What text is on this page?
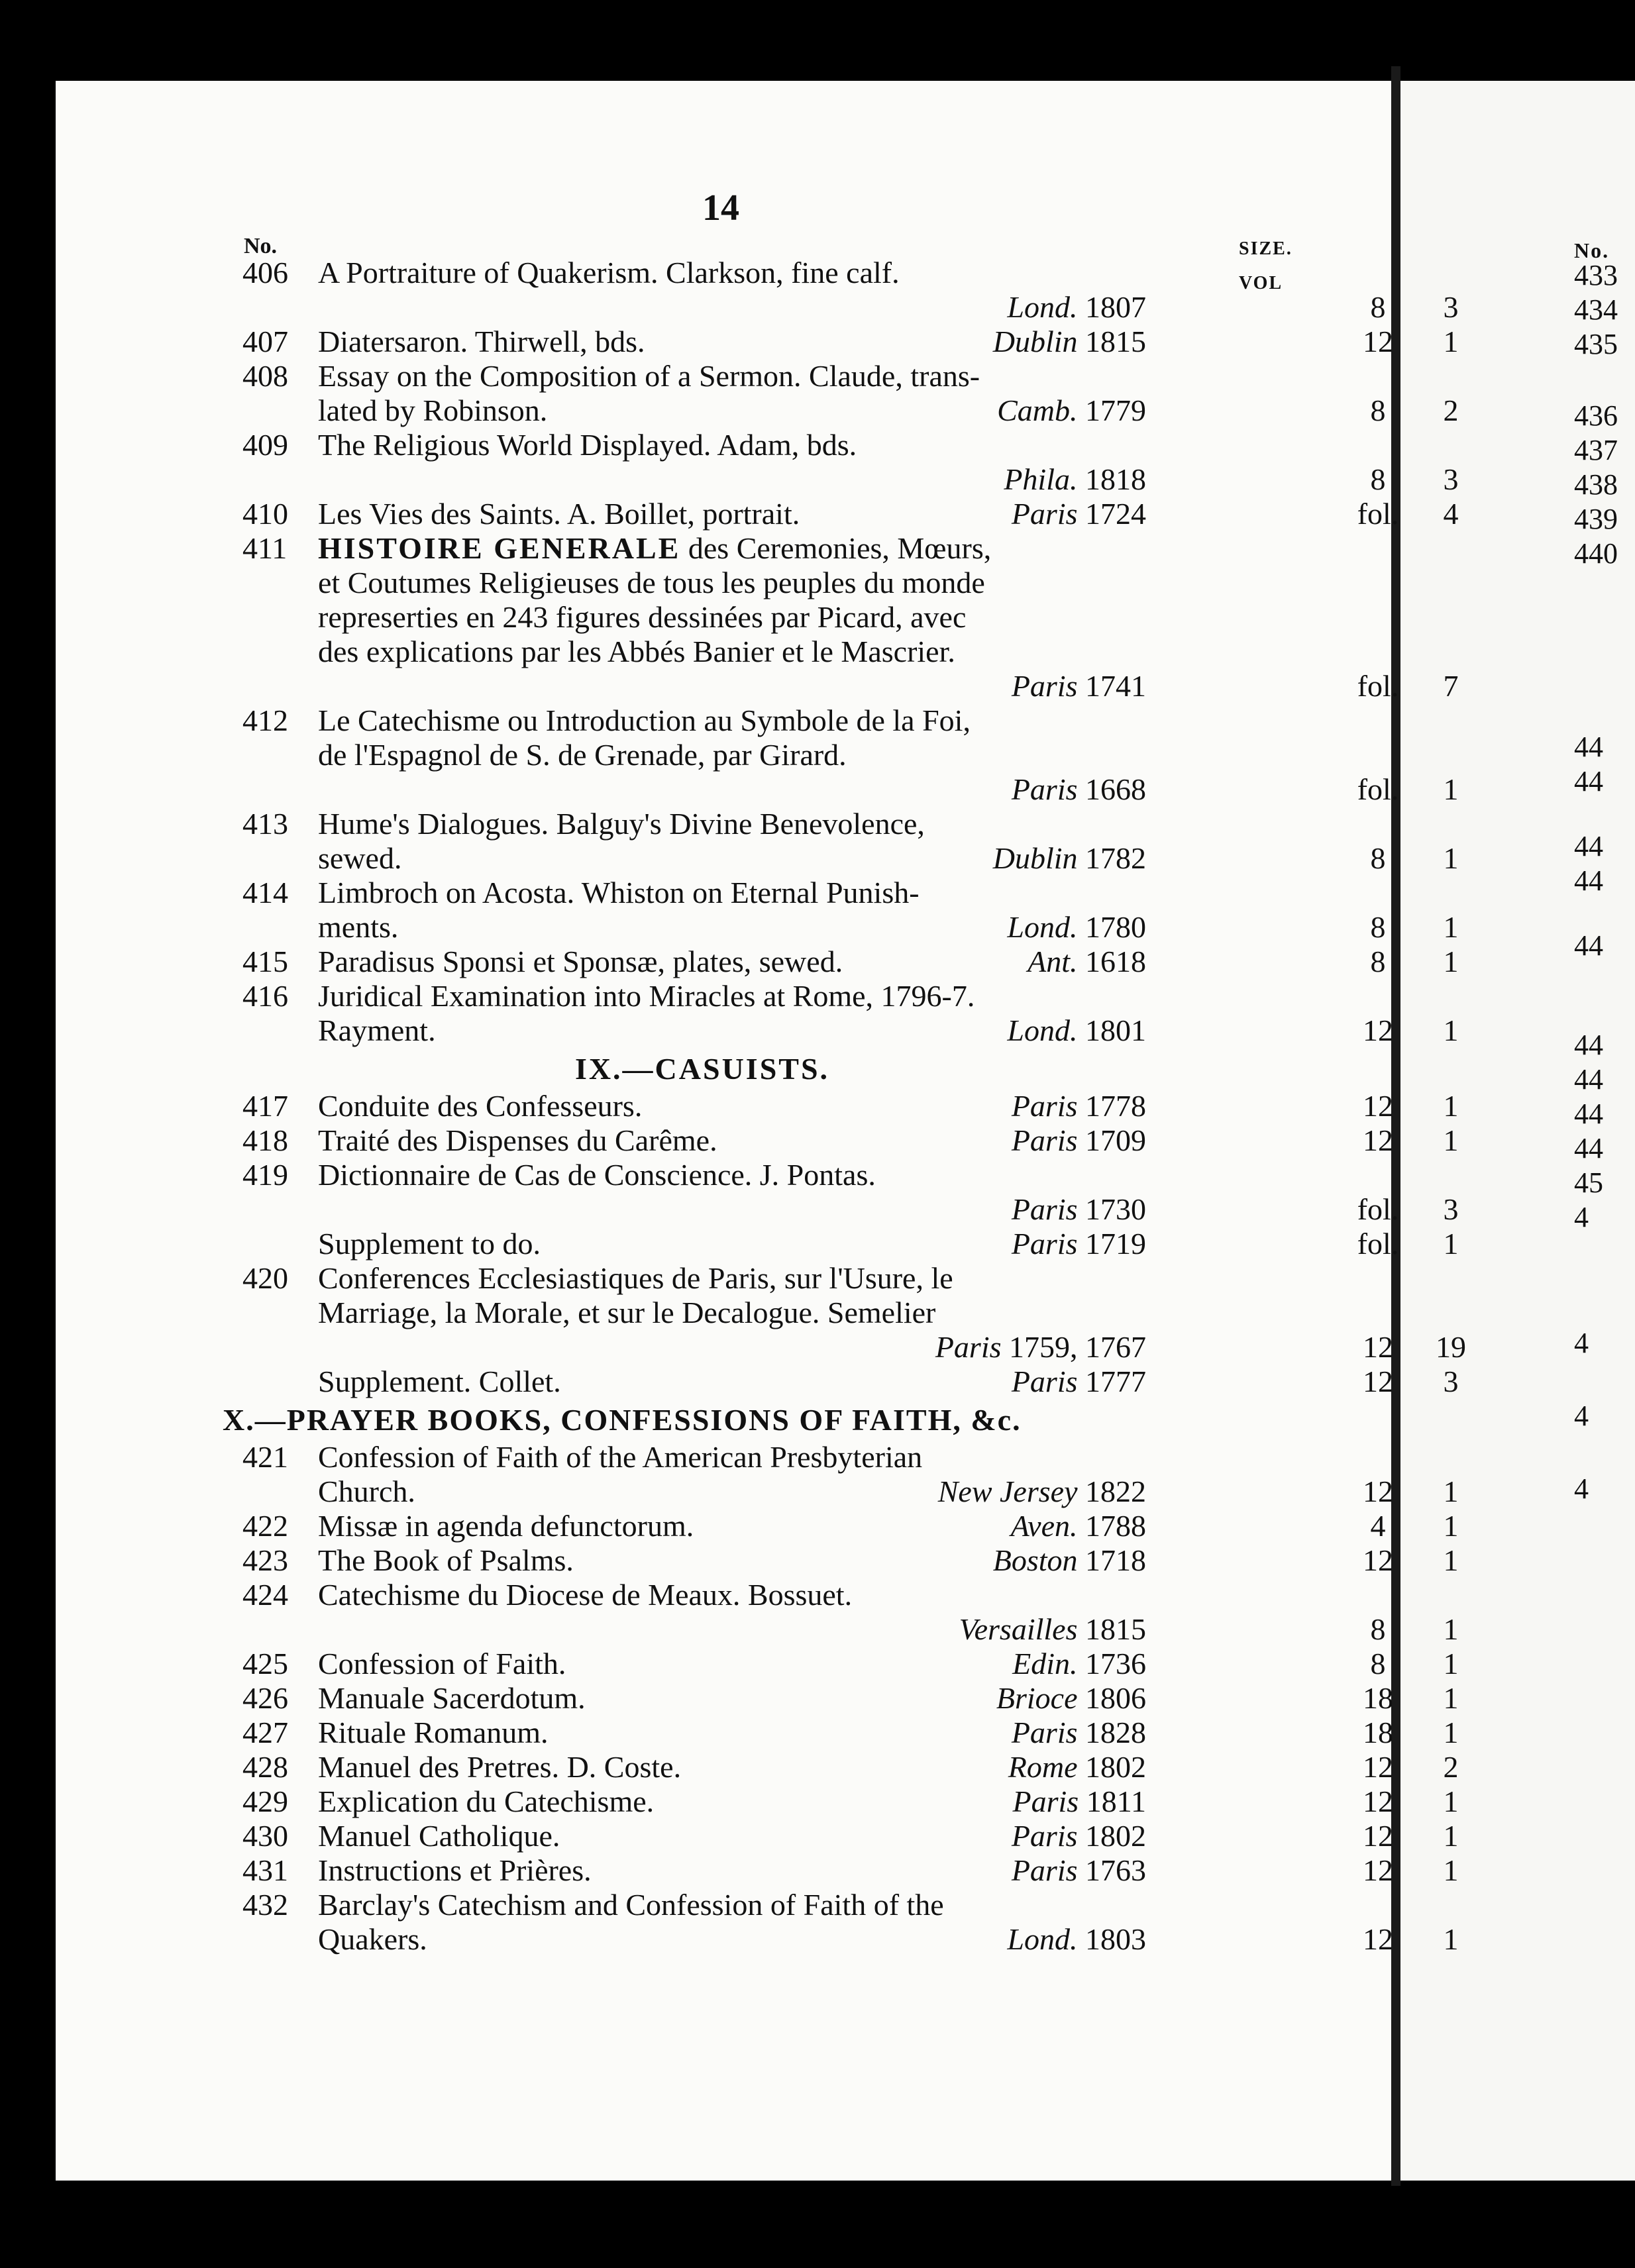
No.
433
434
435
436
437
438
439
440
44
44
44
44
44
44
44
44
44
45
4
4
4
4
14
No.	SIZE. VOL
406 A Portraiture of Quakerism. Clarkson, fine calf.
Lond. 1807	8	3
407 Diatersaron. Thirwell, bds.	Dublin 1815	12	1
408 Essay on the Composition of a Sermon. Claude, trans-
lated by Robinson.	Camb. 1779	8	2
409 The Religious World Displayed. Adam, bds.
Phila. 1818	8	3
410 Les Vies des Saints. A. Boillet, portrait.	Paris 1724	fol.	4
411	HISTOIRE GENERALE des Ceremonies, Mœurs,
et Coutumes Religieuses de tous les peuples du monde
represerties en 243 figures dessinées par Picard, avec
des explications par les Abbés Banier et le Mascrier.
Paris 1741	fol.	7
412 Le Catechisme ou Introduction au Symbole de la Foi,
de l'Espagnol de S. de Grenade, par Girard.
Paris 1668	fol.	1
413 Hume's Dialogues. Balguy's Divine Benevolence,
sewed.	Dublin 1782	8	1
414 Limbroch on Acosta. Whiston on Eternal Punish-
ments.	Lond. 1780	8	1
415 Paradisus Sponsi et Sponsæ, plates, sewed.	Ant. 1618	8	1
416 Juridical Examination into Miracles at Rome, 1796-7.
Rayment.	Lond. 1801	12	1
IX.—CASUISTS.
417 Conduite des Confesseurs.	Paris 1778	12	1
418 Traité des Dispenses du Carême.	Paris 1709	12	1
419 Dictionnaire de Cas de Conscience. J. Pontas.
Paris 1730	fol.	3
Supplement to do.	Paris 1719	fol.	1
420 Conferences Ecclesiastiques de Paris, sur l'Usure, le
Marriage, la Morale, et sur le Decalogue. Semelier
Paris 1759, 1767	12	19
Supplement. Collet.	Paris 1777	12	3
X.—PRAYER BOOKS, CONFESSIONS OF FAITH, &c.
421 Confession of Faith of the American Presbyterian
Church.	New Jersey 1822	12	1
422 Missæ in agenda defunctorum.	Aven. 1788	4	1
423 The Book of Psalms.	Boston 1718	12	1
424 Catechisme du Diocese de Meaux. Bossuet.
Versailles 1815	8	1
425 Confession of Faith.	Edin. 1736	8	1
426 Manuale Sacerdotum.	Brioce 1806	18	1
427 Rituale Romanum.	Paris 1828	18	1
428 Manuel des Pretres. D. Coste.	Rome 1802	12	2
429 Explication du Catechisme.	Paris 1811	12	1
430 Manuel Catholique.	Paris 1802	12	1
431 Instructions et Prières.	Paris 1763	12	1
432 Barclay's Catechism and Confession of Faith of the
Quakers.	Lond. 1803	12	1
